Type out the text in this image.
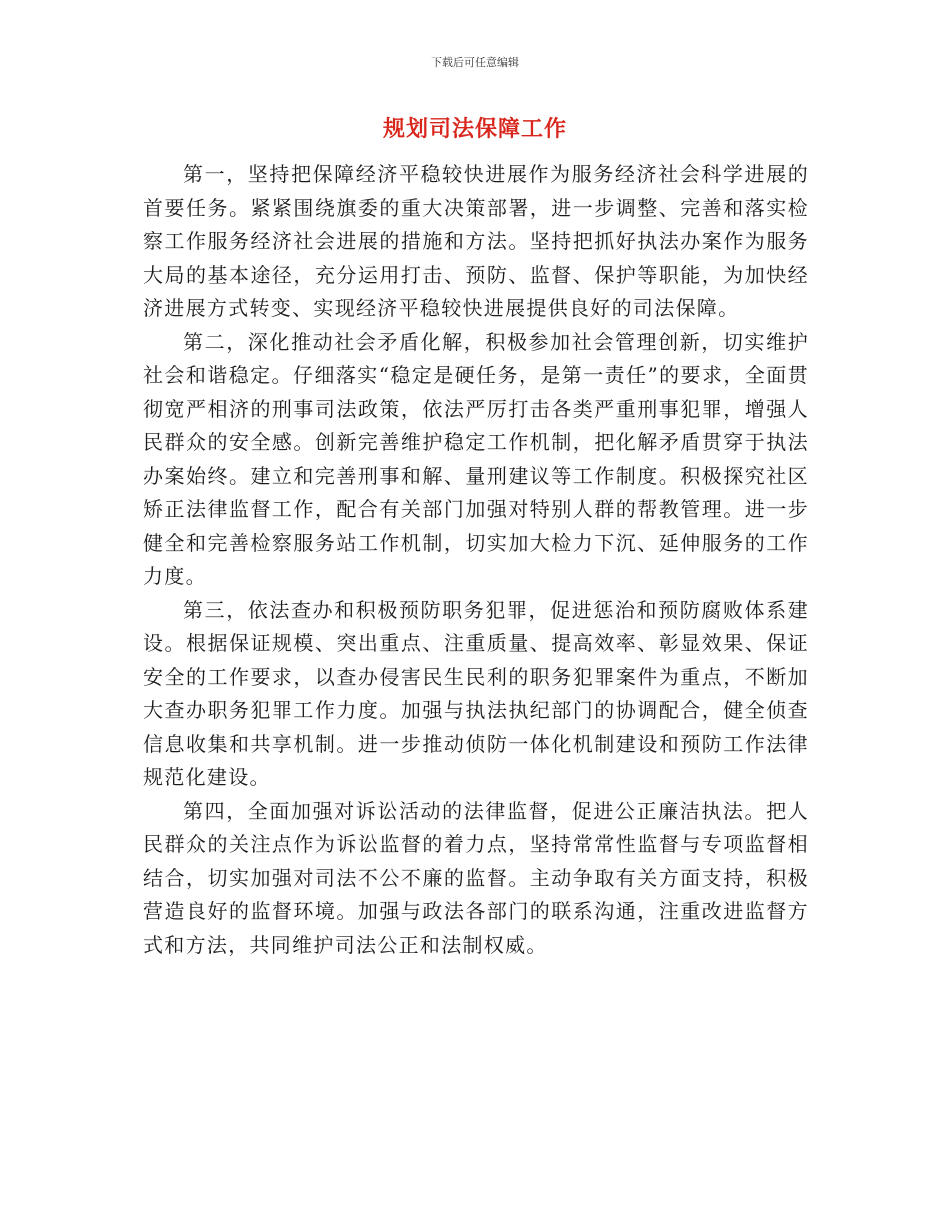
下载后可任意编辑
规划司法保障工作

第一，坚持把保障经济平稳较快进展作为服务经济社会科学进展的首要任务。紧紧围绕旗委的重大决策部署，进一步调整、完善和落实检察工作服务经济社会进展的措施和方法。坚持把抓好执法办案作为服务大局的基本途径，充分运用打击、预防、监督、保护等职能，为加快经济进展方式转变、实现经济平稳较快进展提供良好的司法保障。

第二，深化推动社会矛盾化解，积极参加社会管理创新，切实维护社会和谐稳定。仔细落实“稳定是硬任务，是第一责任”的要求，全面贯彻宽严相济的刑事司法政策，依法严厉打击各类严重刑事犯罪，增强人民群众的安全感。创新完善维护稳定工作机制，把化解矛盾贯穿于执法办案始终。建立和完善刑事和解、量刑建议等工作制度。积极探究社区矫正法律监督工作，配合有关部门加强对特别人群的帮教管理。进一步健全和完善检察服务站工作机制，切实加大检力下沉、延伸服务的工作力度。

第三，依法查办和积极预防职务犯罪，促进惩治和预防腐败体系建设。根据保证规模、突出重点、注重质量、提高效率、彰显效果、保证安全的工作要求，以查办侵害民生民利的职务犯罪案件为重点，不断加大查办职务犯罪工作力度。加强与执法执纪部门的协调配合，健全侦查信息收集和共享机制。进一步推动侦防一体化机制建设和预防工作法律规范化建设。

第四，全面加强对诉讼活动的法律监督，促进公正廉洁执法。把人民群众的关注点作为诉讼监督的着力点，坚持常常性监督与专项监督相结合，切实加强对司法不公不廉的监督。主动争取有关方面支持，积极营造良好的监督环境。加强与政法各部门的联系沟通，注重改进监督方式和方法，共同维护司法公正和法制权威。
